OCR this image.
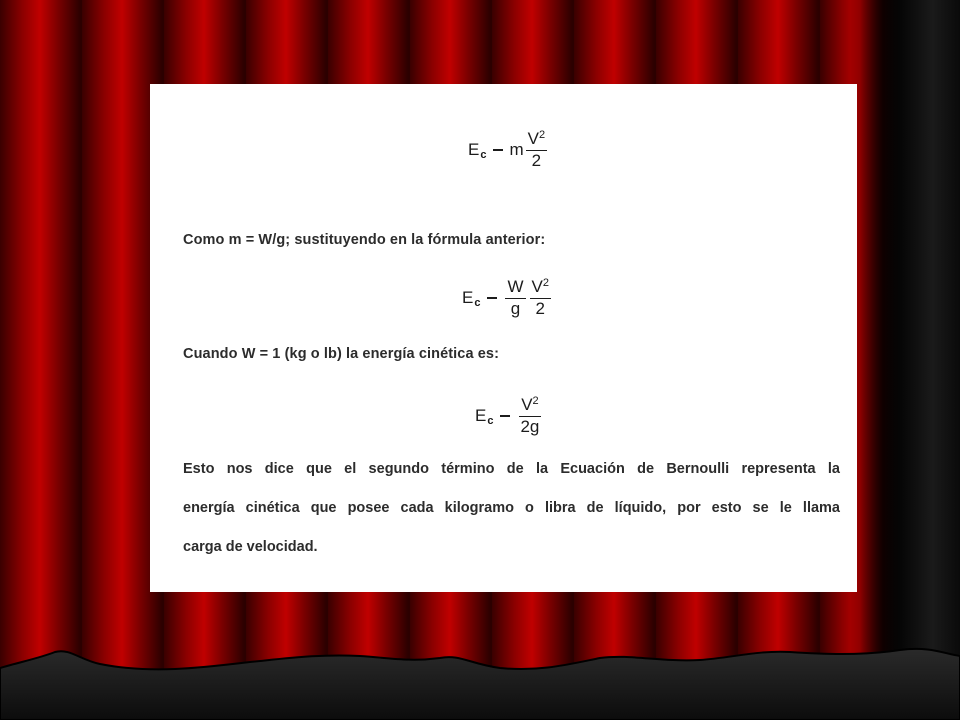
E c m $\frac{V^2}{2}$
Como m = W/g; sustituyendo en la fórmula anterior:
E c $\frac{W}{g} \frac{V^2}{2}$
Cuando W = 1 (kg o lb) la energía cinética es:
E c $\frac{V^2}{2g}$
Esto nos dice que el segundo término de la Ecuación de Bernoulli representa la
energía cinética que posee cada kilogramo o libra de líquido, por esto se le llama
carga de velocidad.
